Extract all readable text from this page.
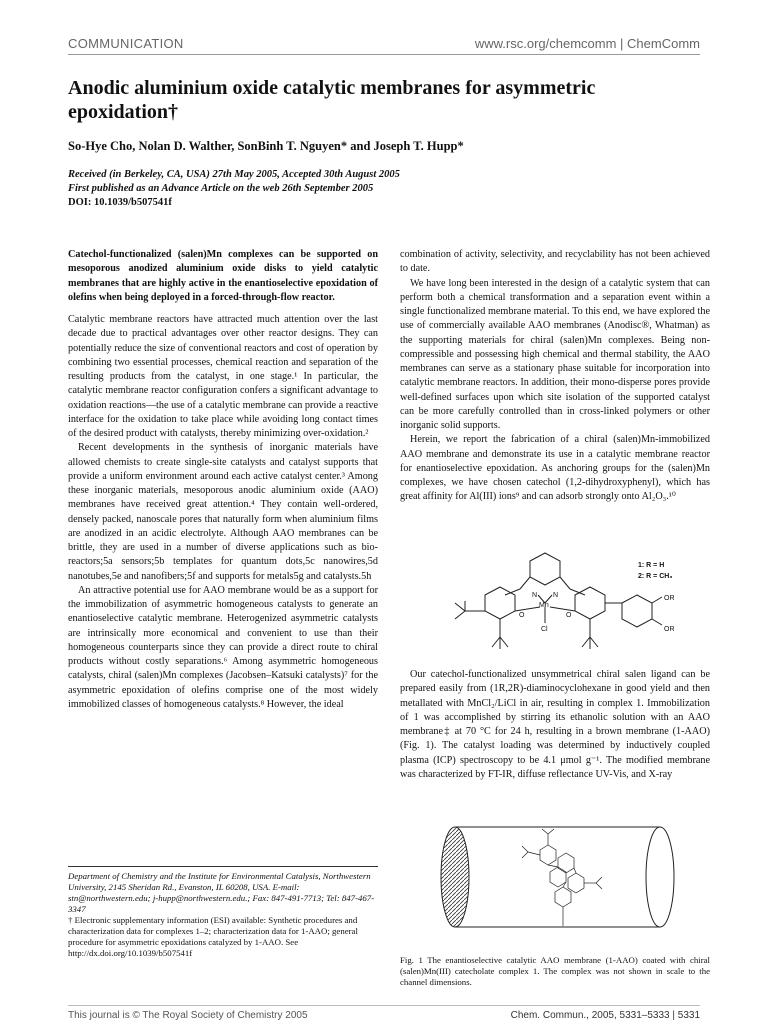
COMMUNICATION	www.rsc.org/chemcomm | ChemComm
Anodic aluminium oxide catalytic membranes for asymmetric epoxidation†
So-Hye Cho, Nolan D. Walther, SonBinh T. Nguyen* and Joseph T. Hupp*
Received (in Berkeley, CA, USA) 27th May 2005, Accepted 30th August 2005
First published as an Advance Article on the web 26th September 2005
DOI: 10.1039/b507541f

Catechol-functionalized (salen)Mn complexes can be supported on mesoporous anodized aluminium oxide disks to yield catalytic membranes that are highly active in the enantioselective epoxidation of olefins when being deployed in a forced-through-flow reactor.

Catalytic membrane reactors have attracted much attention over the last decade due to practical advantages over other reactor designs. They can potentially reduce the size of conventional reactors and cost of operation by combining two essential processes, chemical reaction and separation of the resulting products from the catalyst, in one stage.¹ In particular, the catalytic membrane reactor configuration confers a significant advantage to oxidation reactions—the use of a catalytic membrane can provide a reactive interface for the oxidation to take place while avoiding long contact times of the desired product with catalysts, thereby minimizing over-oxidation.²

Recent developments in the synthesis of inorganic materials have allowed chemists to create single-site catalysts and catalyst supports that provide a uniform environment around each active catalyst center.³ Among these inorganic materials, mesoporous anodic aluminium oxide (AAO) membranes have received great attention.⁴ They contain well-ordered, densely packed, nanoscale pores that naturally form when aluminium films are anodized in an acidic electrolyte. Although AAO membranes can be brittle, they are used in a number of diverse applications such as bio-reactors;5a sensors;5b templates for quantum dots,5c nanowires,5d nanotubes,5e and nanofibers;5f and supports for metals5g and catalysts.5h

An attractive potential use for AAO membrane would be as a support for the immobilization of asymmetric homogeneous catalysts to generate an enantioselective catalytic membrane. Heterogenized asymmetric catalysts are intrinsically more economical and convenient to use than their homogeneous counterparts since they can provide a direct route to chiral products without costly separations.⁶ Among asymmetric homogeneous catalysts, chiral (salen)Mn complexes (Jacobsen–Katsuki catalysts)⁷ for the asymmetric epoxidation of olefins comprise one of the most widely immobilized classes of homogeneous catalysts.⁸ However, the ideal

combination of activity, selectivity, and recyclability has not been achieved to date.

We have long been interested in the design of a catalytic system that can perform both a chemical transformation and a separation event within a single functionalized membrane material. To this end, we have explored the use of commercially available AAO membranes (Anodisc®, Whatman) as the supporting materials for chiral (salen)Mn complexes. Being non-compressible and possessing high chemical and thermal stability, the AAO membranes can serve as a stationary phase suitable for incorporation into catalytic membrane reactors. In addition, their mono-disperse pores provide well-defined surfaces upon which site isolation of the supported catalyst can be more carefully controlled than in cross-linked polymers or other inorganic solid supports.

Herein, we report the fabrication of a chiral (salen)Mn-immobilized AAO membrane and demonstrate its use in a catalytic membrane reactor for enantioselective epoxidation. As anchoring groups for the (salen)Mn complexes, we have chosen catechol (1,2-dihydroxyphenyl), which has great affinity for Al(III) ions⁹ and can adsorb strongly onto Al₂O₃.¹⁰

N N
Mn
O	O
Cl
OR
OR
1: R = H
2: R = CH₃

Our catechol-functionalized unsymmetrical chiral salen ligand can be prepared easily from (1R,2R)-diaminocyclohexane in good yield and then metallated with MnCl₂/LiCl in air, resulting in complex 1. Immobilization of 1 was accomplished by stirring its ethanolic solution with an AAO membrane‡ at 70 °C for 24 h, resulting in a brown membrane (1-AAO) (Fig. 1). The catalyst loading was determined by inductively coupled plasma (ICP) spectroscopy to be 4.1 μmol g⁻¹. The modified membrane was characterized by FT-IR, diffuse reflectance UV-Vis, and X-ray

Fig. 1 The enantioselective catalytic AAO membrane (1-AAO) coated with chiral (salen)Mn(III) catecholate complex 1. The complex was not shown in scale to the channel dimensions.
Department of Chemistry and the Institute for Environmental Catalysis, Northwestern University, 2145 Sheridan Rd., Evanston, IL 60208, USA. E-mail: stn@northwestern.edu; j-hupp@northwestern.edu.; Fax: 847-491-7713; Tel: 847-467-3347
† Electronic supplementary information (ESI) available: Synthetic procedures and characterization data for complexes 1–2; characterization data for 1-AAO; general procedure for asymmetric epoxidations catalyzed by 1-AAO. See http://dx.doi.org/10.1039/b507541f
This journal is © The Royal Society of Chemistry 2005	Chem. Commun., 2005, 5331–5333 | 5331
